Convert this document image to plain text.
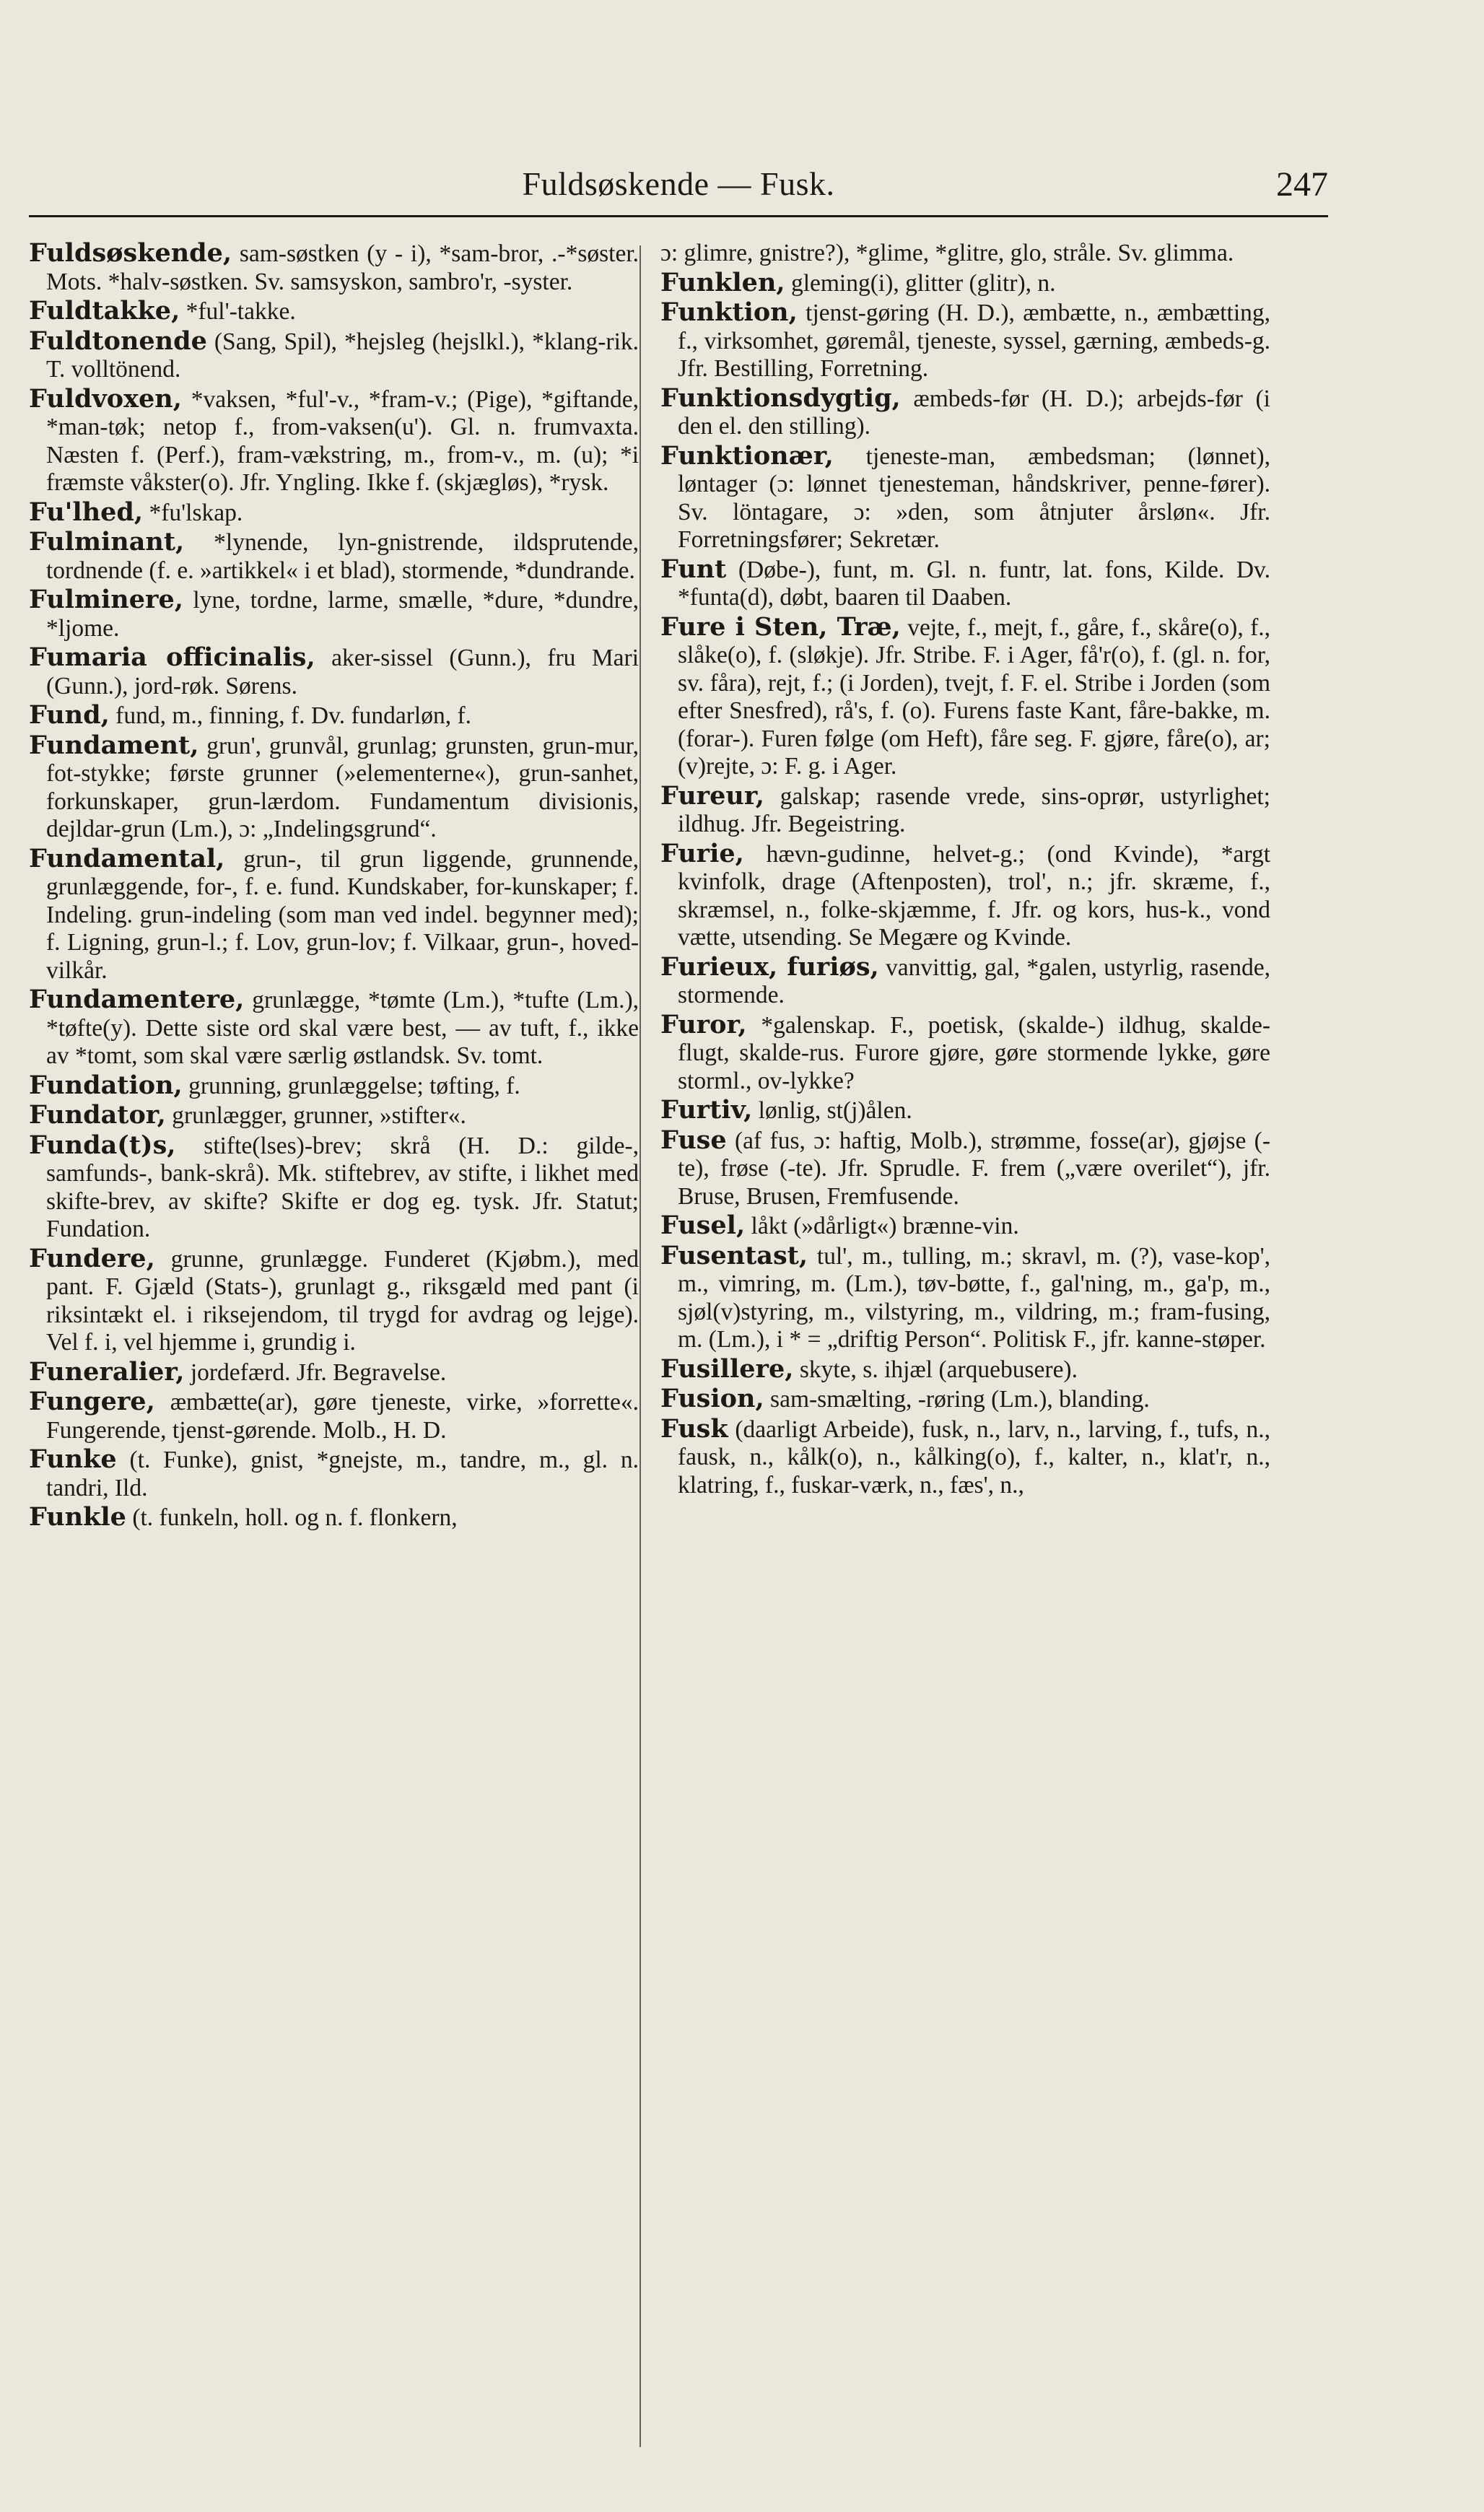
Fuldsøskende — Fusk.	247

Fuldsøskende, sam-søstken (y - i), *sam-bror, .-*søster. Mots. *halv-søstken. Sv. samsyskon, sambro'r, -syster.

Fuldtakke, *ful'-takke.

Fuldtonende (Sang, Spil), *hejsleg (hejslkl.), *klang-rik. T. volltönend.

Fuldvoxen, *vaksen, *ful'-v., *fram-v.; (Pige), *giftande, *man-tøk; netop f., from-vaksen(u'). Gl. n. frumvaxta. Næsten f. (Perf.), fram-vækstring, m., from-v., m. (u); *i fræmste våkster(o). Jfr. Yngling. Ikke f. (skjægløs), *rysk.

Fu'lhed, *fu'lskap.

Fulminant, *lynende, lyn-gnistrende, ildsprutende, tordnende (f. e. »artikkel« i et blad), stormende, *dundrande.

Fulminere, lyne, tordne, larme, smælle, *dure, *dundre, *ljome.

Fumaria officinalis, aker-sissel (Gunn.), fru Mari (Gunn.), jord-røk. Sørens.

Fund, fund, m., finning, f. Dv. fundarløn, f.

Fundament, grun', grunvål, grunlag; grunsten, grun-mur, fot-stykke; første grunner (»elementerne«), grun-sanhet, forkunskaper, grun-lærdom. Fundamentum divisionis, dejldar-grun (Lm.), ɔ: „Indelingsgrund“.

Fundamental, grun-, til grun liggende, grunnende, grunlæggende, for-, f. e. fund. Kundskaber, for-kunskaper; f. Indeling. grun-indeling (som man ved indel. begynner med); f. Ligning, grun-l.; f. Lov, grun-lov; f. Vilkaar, grun-, hoved-vilkår.

Fundamentere, grunlægge, *tømte (Lm.), *tufte (Lm.), *tøfte(y). Dette siste ord skal være best, — av tuft, f., ikke av *tomt, som skal være særlig østlandsk. Sv. tomt.

Fundation, grunning, grunlæggelse; tøfting, f.

Fundator, grunlægger, grunner, »stifter«.

Funda(t)s, stifte(lses)-brev; skrå (H. D.: gilde-, samfunds-, bank-skrå). Mk. stiftebrev, av stifte, i likhet med skifte-brev, av skifte? Skifte er dog eg. tysk. Jfr. Statut; Fundation.

Fundere, grunne, grunlægge. Funderet (Kjøbm.), med pant. F. Gjæld (Stats-), grunlagt g., riksgæld med pant (i riksintækt el. i riksejendom, til trygd for avdrag og lejge). Vel f. i, vel hjemme i, grundig i.

Funeralier, jordefærd. Jfr. Begravelse.

Fungere, æmbætte(ar), gøre tjeneste, virke, »forrette«. Fungerende, tjenst-gørende. Molb., H. D.

Funke (t. Funke), gnist, *gnejste, m., tandre, m., gl. n. tandri, Ild.

Funkle (t. funkeln, holl. og n. f. flonkern,

ɔ: glimre, gnistre?), *glime, *glitre, glo, stråle. Sv. glimma.

Funklen, gleming(i), glitter (glitr), n.

Funktion, tjenst-gøring (H. D.), æmbætte, n., æmbætting, f., virksomhet, gøremål, tjeneste, syssel, gærning, æmbeds-g. Jfr. Bestilling, Forretning.

Funktionsdygtig, æmbeds-før (H. D.); arbejds-før (i den el. den stilling).

Funktionær, tjeneste-man, æmbedsman; (lønnet), løntager (ɔ: lønnet tjenesteman, håndskriver, penne-fører). Sv. löntagare, ɔ: »den, som åtnjuter årsløn«. Jfr. Forretningsfører; Sekretær.

Funt (Døbe-), funt, m. Gl. n. funtr, lat. fons, Kilde. Dv. *funta(d), døbt, baaren til Daaben.

Fure i Sten, Træ, vejte, f., mejt, f., gåre, f., skåre(o), f., slåke(o), f. (sløkje). Jfr. Stribe. F. i Ager, få'r(o), f. (gl. n. for, sv. fåra), rejt, f.; (i Jorden), tvejt, f. F. el. Stribe i Jorden (som efter Snesfred), rå's, f. (o). Furens faste Kant, fåre-bakke, m. (forar-). Furen følge (om Heft), fåre seg. F. gjøre, fåre(o), ar; (v)rejte, ɔ: F. g. i Ager.

Fureur, galskap; rasende vrede, sins-oprør, ustyrlighet; ildhug. Jfr. Begeistring.

Furie, hævn-gudinne, helvet-g.; (ond Kvinde), *argt kvinfolk, drage (Aftenposten), trol', n.; jfr. skræme, f., skræmsel, n., folke-skjæmme, f. Jfr. og kors, hus-k., vond vætte, utsending. Se Megære og Kvinde.

Furieux, furiøs, vanvittig, gal, *galen, ustyrlig, rasende, stormende.

Furor, *galenskap. F., poetisk, (skalde-) ildhug, skalde-flugt, skalde-rus. Furore gjøre, gøre stormende lykke, gøre storml., ov-lykke?

Furtiv, lønlig, st(j)ålen.

Fuse (af fus, ɔ: haftig, Molb.), strømme, fosse(ar), gjøjse (-te), frøse (-te). Jfr. Sprudle. F. frem („være overilet“), jfr. Bruse, Brusen, Fremfusende.

Fusel, låkt (»dårligt«) brænne-vin.

Fusentast, tul', m., tulling, m.; skravl, m. (?), vase-kop', m., vimring, m. (Lm.), tøv-bøtte, f., gal'ning, m., ga'p, m., sjøl(v)styring, m., vilstyring, m., vildring, m.; fram-fusing, m. (Lm.), i * = „driftig Person“. Politisk F., jfr. kanne-støper.

Fusillere, skyte, s. ihjæl (arquebusere).

Fusion, sam-smælting, -røring (Lm.), blanding.

Fusk (daarligt Arbeide), fusk, n., larv, n., larving, f., tufs, n., fausk, n., kålk(o), n., kålking(o), f., kalter, n., klat'r, n., klatring, f., fuskar-værk, n., fæs', n.,
